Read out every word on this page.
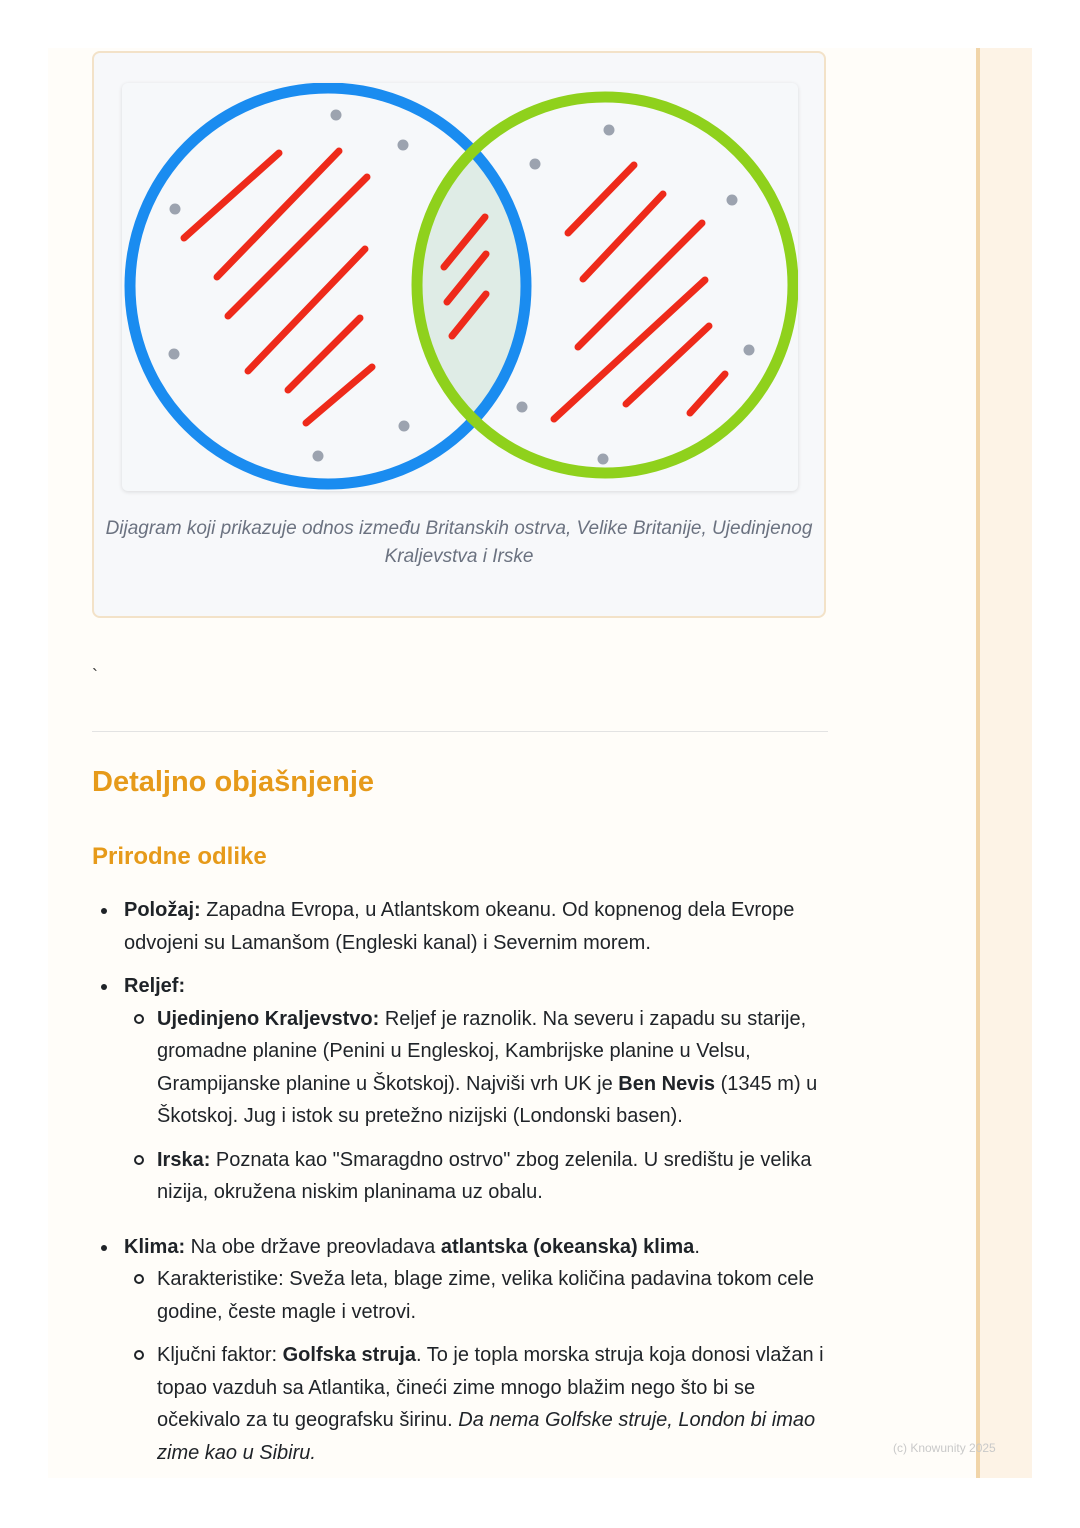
Dijagram koji prikazuje odnos između Britanskih ostrva, Velike Britanije, Ujedinjenog Kraljevstva i Irske
`
Detaljno objašnjenje
Prirodne odlike
Položaj: Zapadna Evropa, u Atlantskom okeanu. Od kopnenog dela Evrope odvojeni su Lamanšom (Engleski kanal) i Severnim morem.
Reljef:
Ujedinjeno Kraljevstvo: Reljef je raznolik. Na severu i zapadu su starije, gromadne planine (Penini u Engleskoj, Kambrijske planine u Velsu, Grampijanske planine u Škotskoj). Najviši vrh UK je Ben Nevis (1345 m) u Škotskoj. Jug i istok su pretežno nizijski (Londonski basen).
Irska: Poznata kao "Smaragdno ostrvo" zbog zelenila. U središtu je velika nizija, okružena niskim planinama uz obalu.
Klima: Na obe države preovladava atlantska (okeanska) klima.
Karakteristike: Sveža leta, blage zime, velika količina padavina tokom cele godine, česte magle i vetrovi.
Ključni faktor: Golfska struja. To je topla morska struja koja donosi vlažan i topao vazduh sa Atlantika, čineći zime mnogo blažim nego što bi se očekivalo za tu geografsku širinu. Da nema Golfske struje, London bi imao zime kao u Sibiru.	(c) Knowunity 2025
